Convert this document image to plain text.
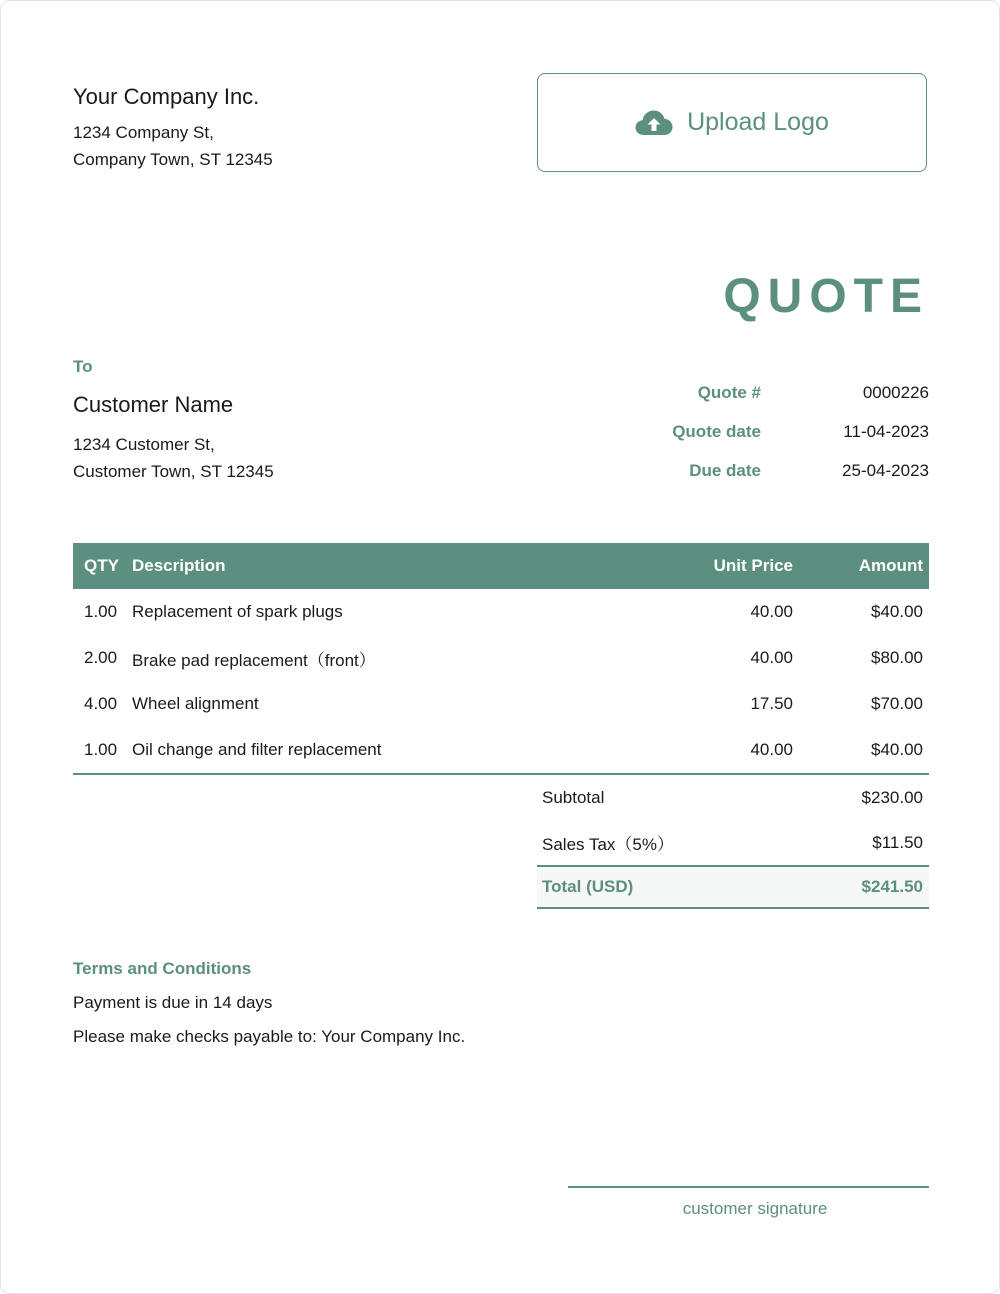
Your Company Inc.
1234 Company St,
Company Town, ST 12345
Upload Logo
QUOTE
To
Customer Name
1234 Customer St,
Customer Town, ST 12345
Quote #	0000226
Quote date	11-04-2023
Due date	25-04-2023
QTY Description	Unit Price	Amount
1.00 Replacement of spark plugs	40.00	$40.00
2.00 Brake pad replacement（front）	40.00	$80.00
4.00 Wheel alignment	17.50	$70.00
1.00 Oil change and filter replacement	40.00	$40.00
Subtotal	$230.00
Sales Tax（5%）	$11.50
Total (USD)	$241.50
Terms and Conditions
Payment is due in 14 days
Please make checks payable to: Your Company Inc.
customer signature
